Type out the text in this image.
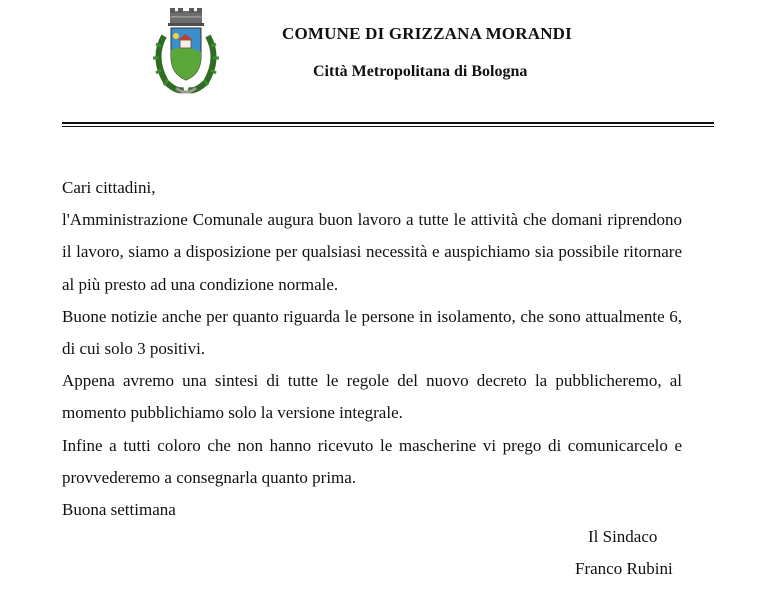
COMUNE DI GRIZZANA MORANDI
Città Metropolitana di Bologna

Cari cittadini,

l'Amministrazione Comunale augura buon lavoro a tutte le attività che domani riprendono il lavoro, siamo a disposizione per qualsiasi necessità e auspichiamo sia possibile ritornare al più presto ad una condizione normale.

Buone notizie anche per quanto riguarda le persone in isolamento, che sono attualmente 6, di cui solo 3 positivi.

Appena avremo una sintesi di tutte le regole del nuovo decreto la pubblicheremo, al momento pubblichiamo solo la versione integrale.

Infine a tutti coloro che non hanno ricevuto le mascherine vi prego di comunicarcelo e provvederemo a consegnarla quanto prima.

Buona settimana

Il Sindaco
Franco Rubini
